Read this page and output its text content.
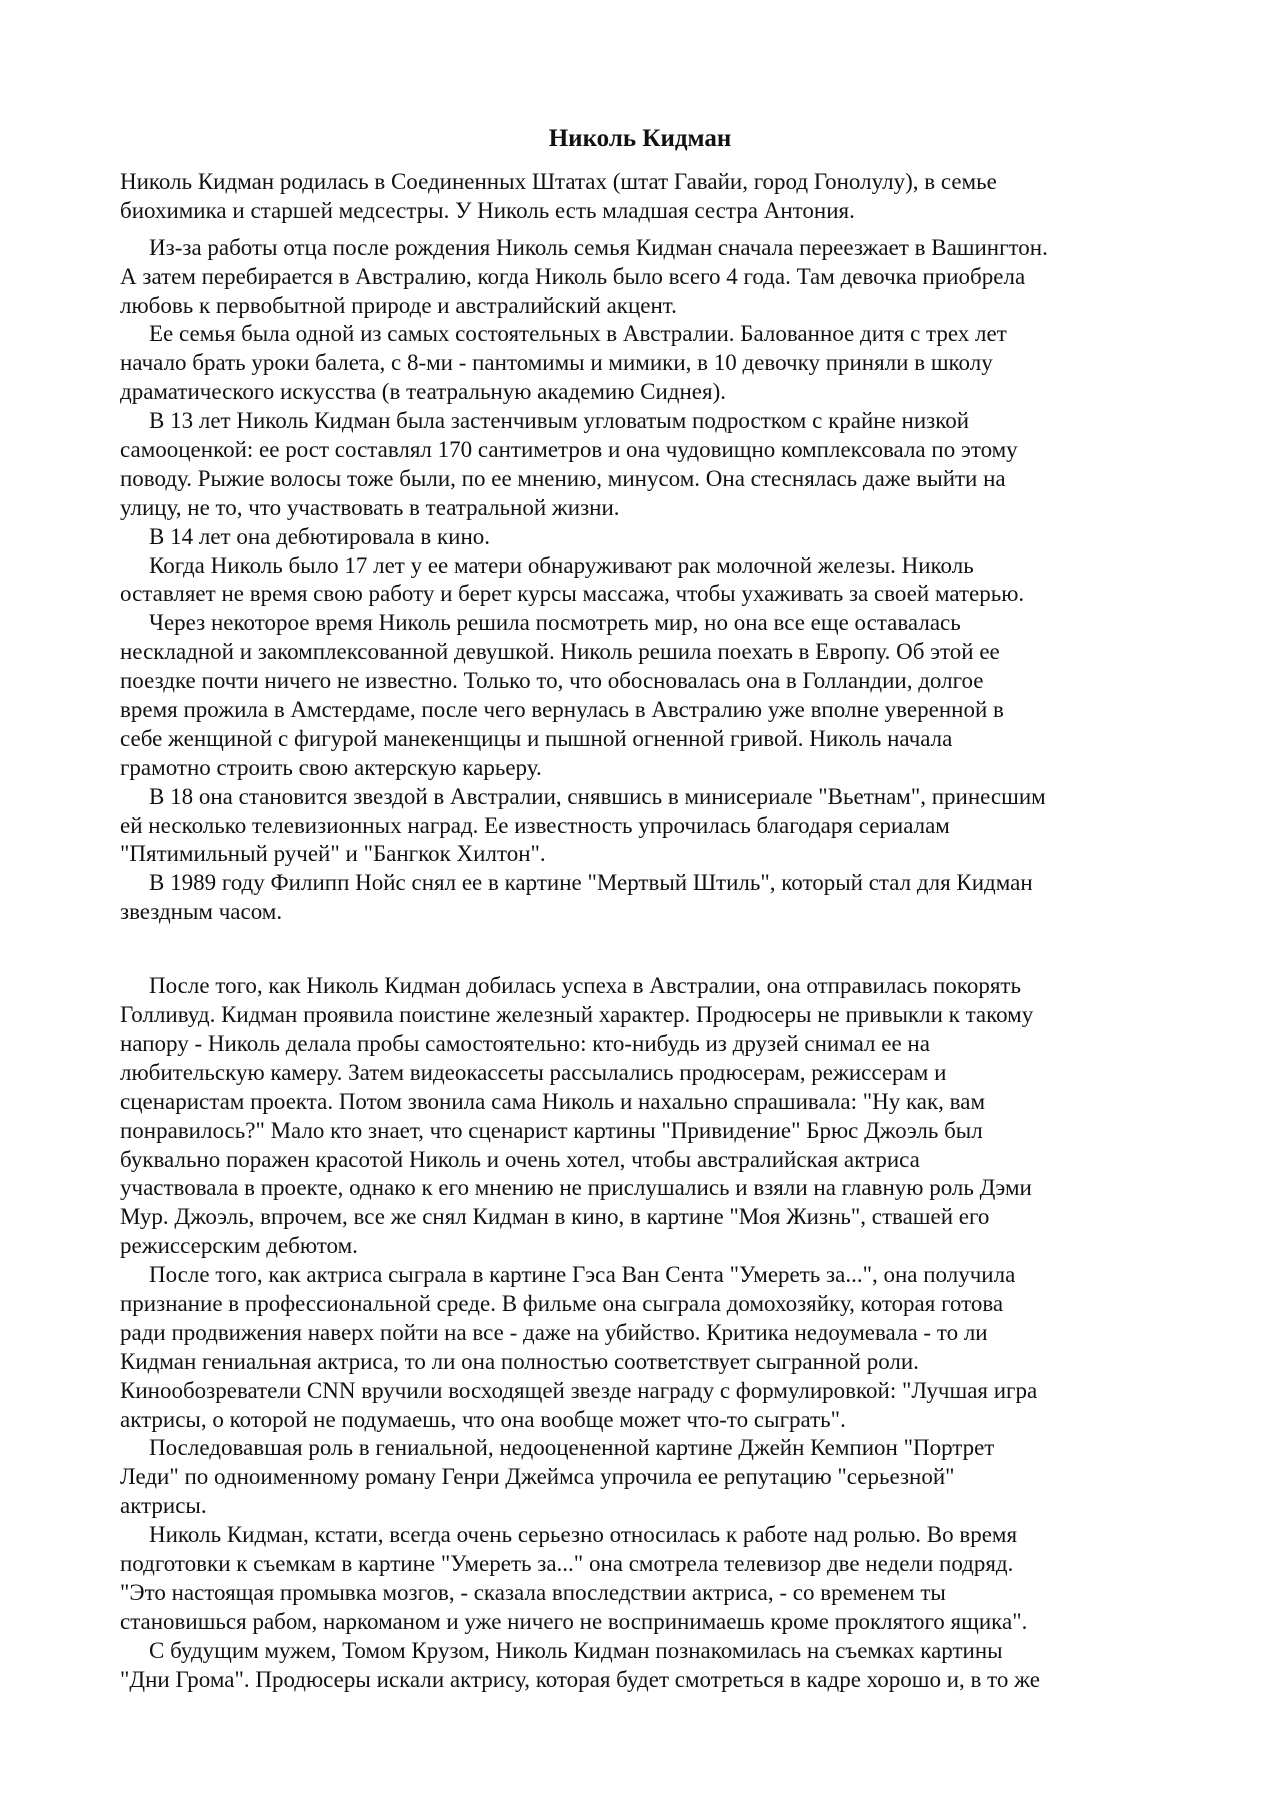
Николь Кидман
Николь Кидман родилась в Соединенных Штатах (штат Гавайи, город Гонолулу), в семье
биохимика и старшей медсестры. У Николь есть младшая сестра Антония.
Из-за работы отца после рождения Николь семья Кидман сначала переезжает в Вашингтон.
А затем перебирается в Австралию, когда Николь было всего 4 года. Там девочка приобрела
любовь к первобытной природе и австралийский акцент.
Ее семья была одной из самых состоятельных в Австралии. Балованное дитя с трех лет
начало брать уроки балета, с 8-ми - пантомимы и мимики, в 10 девочку приняли в школу
драматического искусства (в театральную академию Сиднея).
В 13 лет Николь Кидман была застенчивым угловатым подростком с крайне низкой
самооценкой: ее рост составлял 170 сантиметров и она чудовищно комплексовала по этому
поводу. Рыжие волосы тоже были, по ее мнению, минусом. Она стеснялась даже выйти на
улицу, не то, что участвовать в театральной жизни.
В 14 лет она дебютировала в кино.
Когда Николь было 17 лет у ее матери обнаруживают рак молочной железы. Николь
оставляет не время свою работу и берет курсы массажа, чтобы ухаживать за своей матерью.
Через некоторое время Николь решила посмотреть мир, но она все еще оставалась
нескладной и закомплексованной девушкой. Николь решила поехать в Европу. Об этой ее
поездке почти ничего не известно. Только то, что обосновалась она в Голландии, долгое
время прожила в Амстердаме, после чего вернулась в Австралию уже вполне уверенной в
себе женщиной с фигурой манекенщицы и пышной огненной гривой. Николь начала
грамотно строить свою актерскую карьеру.
В 18 она становится звездой в Австралии, снявшись в минисериале "Вьетнам", принесшим
ей несколько телевизионных наград. Ее известность упрочилась благодаря сериалам
"Пятимильный ручей" и "Бангкок Хилтон".
В 1989 году Филипп Нойс снял ее в картине "Мертвый Штиль", который стал для Кидман
звездным часом.
После того, как Николь Кидман добилась успеха в Австралии, она отправилась покорять
Голливуд. Кидман проявила поистине железный характер. Продюсеры не привыкли к такому
напору - Николь делала пробы самостоятельно: кто-нибудь из друзей снимал ее на
любительскую камеру. Затем видеокассеты рассылались продюсерам, режиссерам и
сценаристам проекта. Потом звонила сама Николь и нахально спрашивала: "Ну как, вам
понравилось?" Мало кто знает, что сценарист картины "Привидение" Брюс Джоэль был
буквально поражен красотой Николь и очень хотел, чтобы австралийская актриса
участвовала в проекте, однако к его мнению не прислушались и взяли на главную роль Дэми
Мур. Джоэль, впрочем, все же снял Кидман в кино, в картине "Моя Жизнь", ствашей его
режиссерским дебютом.
После того, как актриса сыграла в картине Гэса Ван Сента "Умереть за...", она получила
признание в профессиональной среде. В фильме она сыграла домохозяйку, которая готова
ради продвижения наверх пойти на все - даже на убийство. Критика недоумевала - то ли
Кидман гениальная актриса, то ли она полностью соответствует сыгранной роли.
Кинообозреватели CNN вручили восходящей звезде награду с формулировкой: "Лучшая игра
актрисы, о которой не подумаешь, что она вообще может что-то сыграть".
Последовавшая роль в гениальной, недооцененной картине Джейн Кемпион "Портрет
Леди" по одноименному роману Генри Джеймса упрочила ее репутацию "серьезной"
актрисы.
Николь Кидман, кстати, всегда очень серьезно относилась к работе над ролью. Во время
подготовки к съемкам в картине "Умереть за..." она смотрела телевизор две недели подряд.
"Это настоящая промывка мозгов, - сказала впоследствии актриса, - со временем ты
становишься рабом, наркоманом и уже ничего не воспринимаешь кроме проклятого ящика".
С будущим мужем, Томом Крузом, Николь Кидман познакомилась на съемках картины
"Дни Грома". Продюсеры искали актрису, которая будет смотреться в кадре хорошо и, в то же
